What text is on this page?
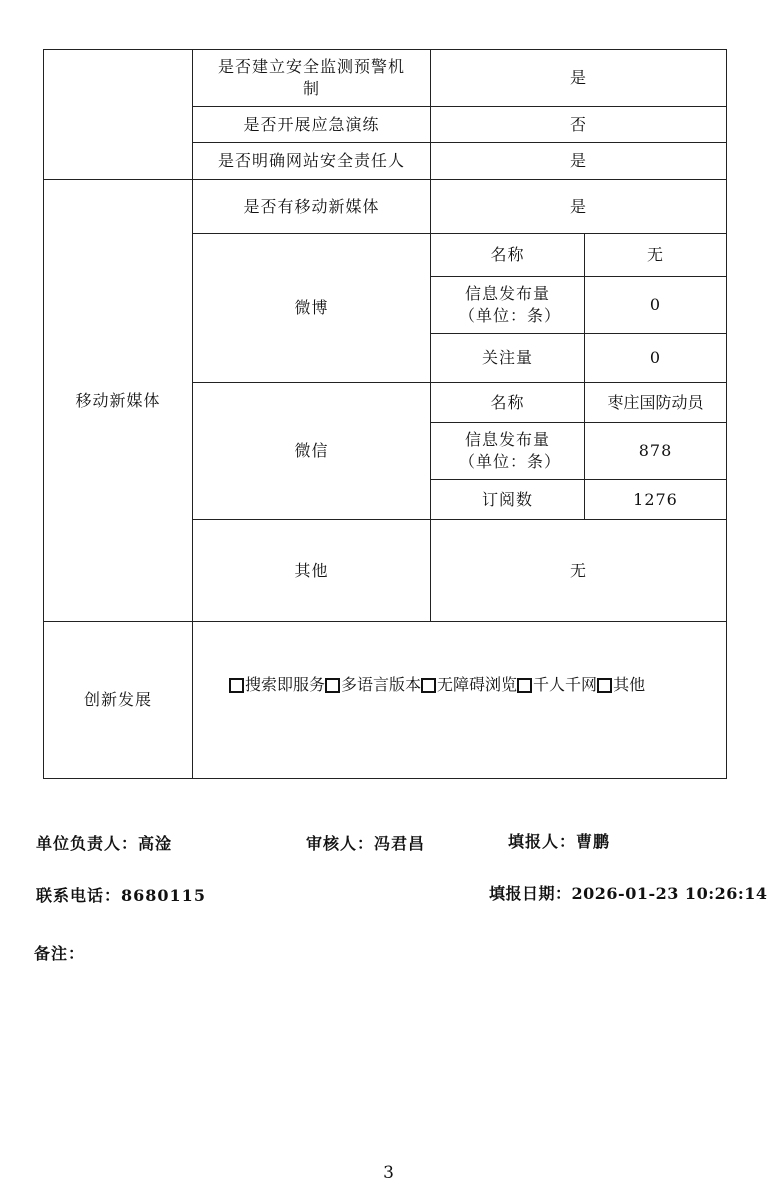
	是否建立安全监测预警机制	是	
	是否开展应急演练	否	
	是否明确网站安全责任人	是	
移动新媒体	是否有移动新媒体	是	
	微博	名称	无
		信息发布量（单位：条）	0
		关注量	0
	微信	名称	枣庄国防动员
		信息发布量（单位：条）	878
		订阅数	1276
	其他	无	
创新发展	搜索即服务 多语言版本 无障碍浏览 千人千网 其他		
单位负责人：高淦	审核人：冯君昌	填报人：曹鹏
联系电话：8680115	填报日期：2026-01-23 10:26:14
备注：
3
